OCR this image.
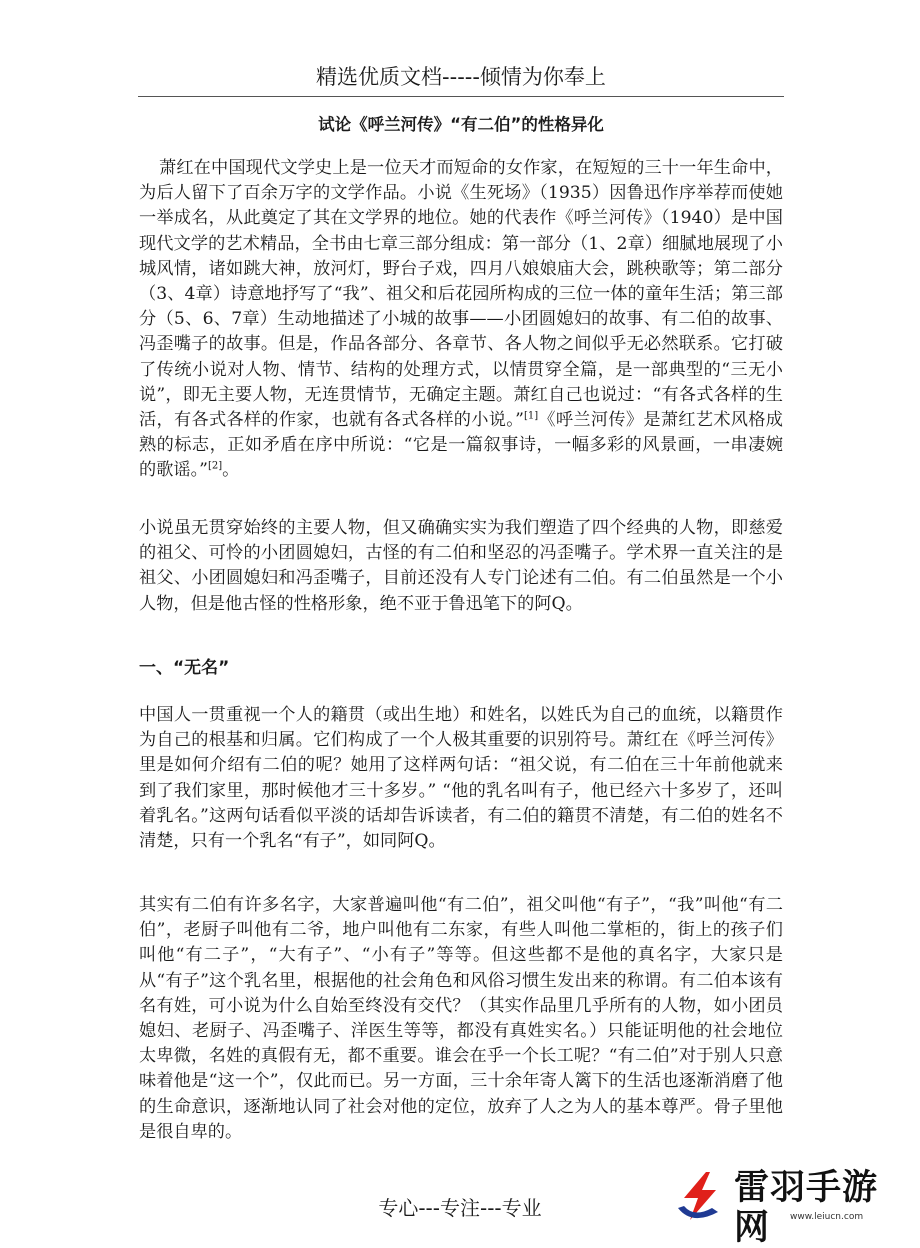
精选优质文档-----倾情为你奉上
试论《呼兰河传》“有二伯”的性格异化

萧红在中国现代文学史上是一位天才而短命的女作家，在短短的三十一年生命中，为后人留下了百余万字的文学作品。小说《生死场》（1935）因鲁迅作序举荐而使她一举成名，从此奠定了其在文学界的地位。她的代表作《呼兰河传》（1940）是中国现代文学的艺术精品，全书由七章三部分组成：第一部分（1、2章）细腻地展现了小城风情，诸如跳大神，放河灯，野台子戏，四月八娘娘庙大会，跳秧歌等；第二部分（3、4章）诗意地抒写了“我”、祖父和后花园所构成的三位一体的童年生活；第三部分（5、6、7章）生动地描述了小城的故事——小团圆媳妇的故事、有二伯的故事、冯歪嘴子的故事。但是，作品各部分、各章节、各人物之间似乎无必然联系。它打破了传统小说对人物、情节、结构的处理方式，以情贯穿全篇，是一部典型的“三无小说”，即无主要人物，无连贯情节，无确定主题。萧红自己也说过：“有各式各样的生活，有各式各样的作家，也就有各式各样的小说。”[1]《呼兰河传》是萧红艺术风格成熟的标志，正如矛盾在序中所说：“它是一篇叙事诗，一幅多彩的风景画，一串凄婉的歌谣。”[2]。

小说虽无贯穿始终的主要人物，但又确确实实为我们塑造了四个经典的人物，即慈爱的祖父、可怜的小团圆媳妇，古怪的有二伯和坚忍的冯歪嘴子。学术界一直关注的是祖父、小团圆媳妇和冯歪嘴子，目前还没有人专门论述有二伯。有二伯虽然是一个小人物，但是他古怪的性格形象，绝不亚于鲁迅笔下的阿Q。

一、“无名”

中国人一贯重视一个人的籍贯（或出生地）和姓名，以姓氏为自己的血统，以籍贯作为自己的根基和归属。它们构成了一个人极其重要的识别符号。萧红在《呼兰河传》里是如何介绍有二伯的呢？她用了这样两句话：“祖父说，有二伯在三十年前他就来到了我们家里，那时候他才三十多岁。” “他的乳名叫有子，他已经六十多岁了，还叫着乳名。”这两句话看似平淡的话却告诉读者，有二伯的籍贯不清楚，有二伯的姓名不清楚，只有一个乳名“有子”，如同阿Q。

其实有二伯有许多名字，大家普遍叫他“有二伯”，祖父叫他“有子”，“我”叫他“有二伯”，老厨子叫他有二爷，地户叫他有二东家，有些人叫他二掌柜的，街上的孩子们叫他“有二子”，“大有子”、“小有子”等等。但这些都不是他的真名字，大家只是从“有子”这个乳名里，根据他的社会角色和风俗习惯生发出来的称谓。有二伯本该有名有姓，可小说为什么自始至终没有交代？（其实作品里几乎所有的人物，如小团员媳妇、老厨子、冯歪嘴子、洋医生等等，都没有真姓实名。）只能证明他的社会地位太卑微，名姓的真假有无，都不重要。谁会在乎一个长工呢？“有二伯”对于别人只意味着他是“这一个”，仅此而已。另一方面，三十余年寄人篱下的生活也逐渐消磨了他的生命意识，逐渐地认同了社会对他的定位，放弃了人之为人的基本尊严。骨子里他是很自卑的。

专心---专注---专业	雷羽手游网	www.leiucn.com
